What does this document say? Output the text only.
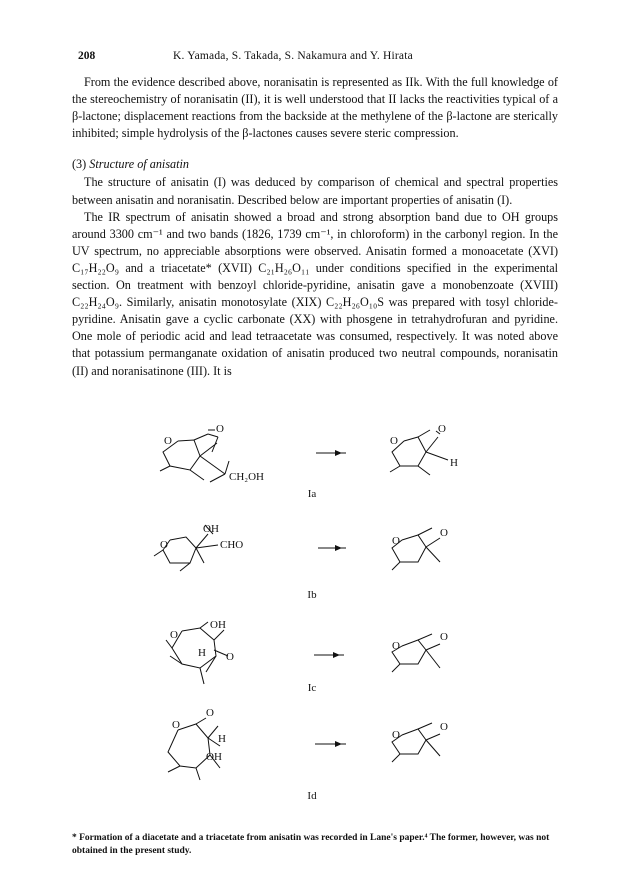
208	K. Yamada, S. Takada, S. Nakamura and Y. Hirata

From the evidence described above, noranisatin is represented as IIk. With the full knowledge of the stereochemistry of noranisatin (II), it is well understood that II lacks the reactivities typical of a β-lactone; displacement reactions from the backside at the methylene of the β-lactone are sterically inhibited; simple hydrolysis of the β-lactones causes severe steric compression.

(3) Structure of anisatin

The structure of anisatin (I) was deduced by comparison of chemical and spectral properties between anisatin and noranisatin. Described below are important properties of anisatin (I).

The IR spectrum of anisatin showed a broad and strong absorption band due to OH groups around 3300 cm⁻¹ and two bands (1826, 1739 cm⁻¹, in chloroform) in the carbonyl region. In the UV spectrum, no appreciable absorptions were observed. Anisatin formed a monoacetate (XVI) C₁₇H₂₂O₉ and a triacetate* (XVII) C₂₁H₂₆O₁₁ under conditions specified in the experimental section. On treatment with benzoyl chloride-pyridine, anisatin gave a monobenzoate (XVIII) C₂₂H₂₄O₉. Similarly, anisatin monotosylate (XIX) C₂₂H₂₆O₁₀S was prepared with tosyl chloride-pyridine. Anisatin gave a cyclic carbonate (XX) with phosgene in tetrahydrofuran and pyridine. One mole of periodic acid and lead tetraacetate was consumed, respectively. It was noted above that potassium permanganate oxidation of anisatin produced two neutral compounds, noranisatin (II) and noranisatinone (III). It is

O
O
CH₂OH
O
O
H
OH
CHO
O	O
O
OH
O
H O
O
O
O
O
H
OH
O
O
Ia
Ib
Ic
Id
* Formation of a diacetate and a triacetate from anisatin was recorded in Lane's paper.⁴ The former, however, was not obtained in the present study.
